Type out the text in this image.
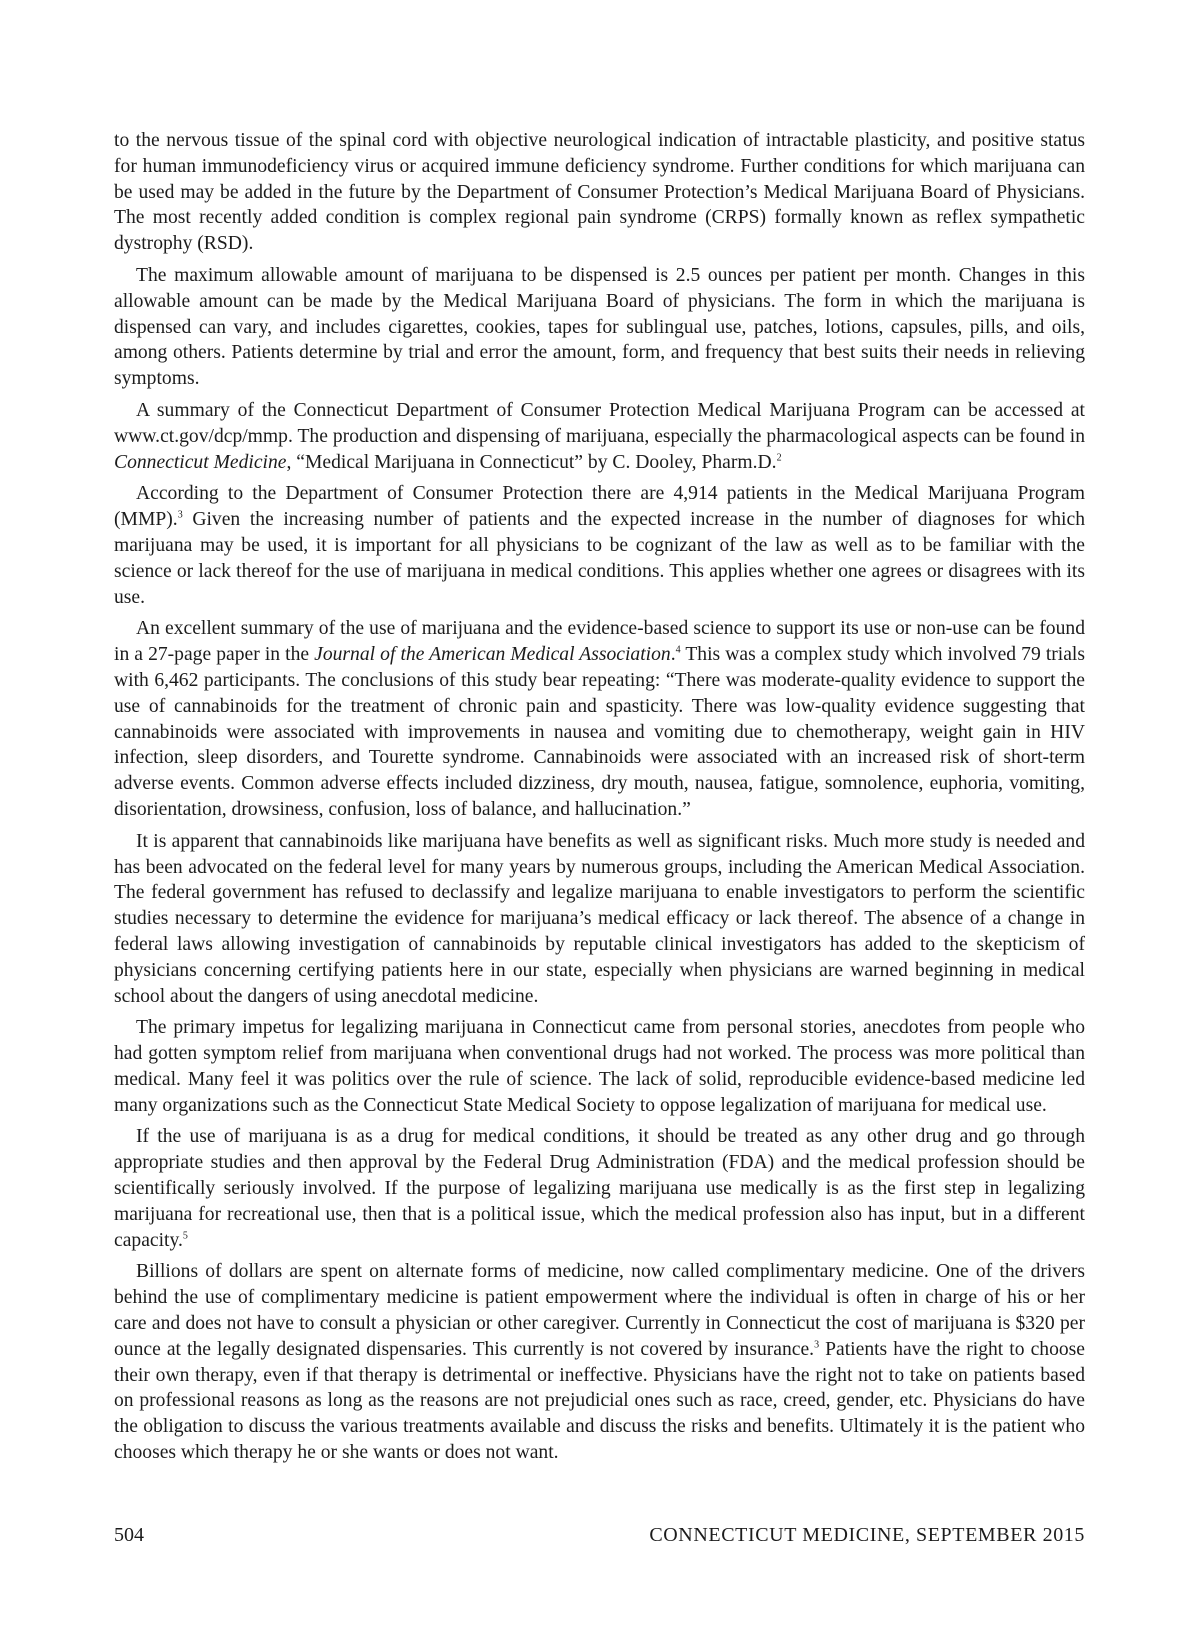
to the nervous tissue of the spinal cord with objective neurological indication of intractable plasticity, and positive status for human immunodeficiency virus or acquired immune deficiency syndrome. Further conditions for which marijuana can be used may be added in the future by the Department of Consumer Protection’s Medical Marijuana Board of Physicians. The most recently added condition is complex regional pain syndrome (CRPS) formally known as reflex sympathetic dystrophy (RSD).

The maximum allowable amount of marijuana to be dispensed is 2.5 ounces per patient per month. Changes in this allowable amount can be made by the Medical Marijuana Board of physicians. The form in which the marijuana is dispensed can vary, and includes cigarettes, cookies, tapes for sublingual use, patches, lotions, capsules, pills, and oils, among others. Patients determine by trial and error the amount, form, and frequency that best suits their needs in relieving symptoms.

A summary of the Connecticut Department of Consumer Protection Medical Marijuana Program can be accessed at www.ct.gov/dcp/mmp. The production and dispensing of marijuana, especially the pharmacological aspects can be found in Connecticut Medicine, “Medical Marijuana in Connecticut” by C. Dooley, Pharm.D.$^2$

According to the Department of Consumer Protection there are 4,914 patients in the Medical Marijuana Program (MMP).$^3$ Given the increasing number of patients and the expected increase in the number of diagnoses for which marijuana may be used, it is important for all physicians to be cognizant of the law as well as to be familiar with the science or lack thereof for the use of marijuana in medical conditions. This applies whether one agrees or disagrees with its use.

An excellent summary of the use of marijuana and the evidence-based science to support its use or non-use can be found in a 27-page paper in the Journal of the American Medical Association.$^4$ This was a complex study which involved 79 trials with 6,462 participants. The conclusions of this study bear repeating: “There was moderate-quality evidence to support the use of cannabinoids for the treatment of chronic pain and spasticity. There was low-quality evidence suggesting that cannabinoids were associated with improvements in nausea and vomiting due to chemotherapy, weight gain in HIV infection, sleep disorders, and Tourette syndrome. Cannabinoids were associated with an increased risk of short-term adverse events. Common adverse effects included dizziness, dry mouth, nausea, fatigue, somnolence, euphoria, vomiting, disorientation, drowsiness, confusion, loss of balance, and hallucination.”

It is apparent that cannabinoids like marijuana have benefits as well as significant risks. Much more study is needed and has been advocated on the federal level for many years by numerous groups, including the American Medical Association. The federal government has refused to declassify and legalize marijuana to enable investigators to perform the scientific studies necessary to determine the evidence for marijuana’s medical efficacy or lack thereof. The absence of a change in federal laws allowing investigation of cannabinoids by reputable clinical investigators has added to the skepticism of physicians concerning certifying patients here in our state, especially when physicians are warned beginning in medical school about the dangers of using anecdotal medicine.

The primary impetus for legalizing marijuana in Connecticut came from personal stories, anecdotes from people who had gotten symptom relief from marijuana when conventional drugs had not worked. The process was more political than medical. Many feel it was politics over the rule of science. The lack of solid, reproducible evidence-based medicine led many organizations such as the Connecticut State Medical Society to oppose legalization of marijuana for medical use.

If the use of marijuana is as a drug for medical conditions, it should be treated as any other drug and go through appropriate studies and then approval by the Federal Drug Administration (FDA) and the medical profession should be scientifically seriously involved. If the purpose of legalizing marijuana use medically is as the first step in legalizing marijuana for recreational use, then that is a political issue, which the medical profession also has input, but in a different capacity.$^5$

Billions of dollars are spent on alternate forms of medicine, now called complimentary medicine. One of the drivers behind the use of complimentary medicine is patient empowerment where the individual is often in charge of his or her care and does not have to consult a physician or other caregiver. Currently in Connecticut the cost of marijuana is $320 per ounce at the legally designated dispensaries. This currently is not covered by insurance.$^3$ Patients have the right to choose their own therapy, even if that therapy is detrimental or ineffective. Physicians have the right not to take on patients based on professional reasons as long as the reasons are not prejudicial ones such as race, creed, gender, etc. Physicians do have the obligation to discuss the various treatments available and discuss the risks and benefits. Ultimately it is the patient who chooses which therapy he or she wants or does not want.

504	CONNECTICUT MEDICINE, SEPTEMBER 2015
